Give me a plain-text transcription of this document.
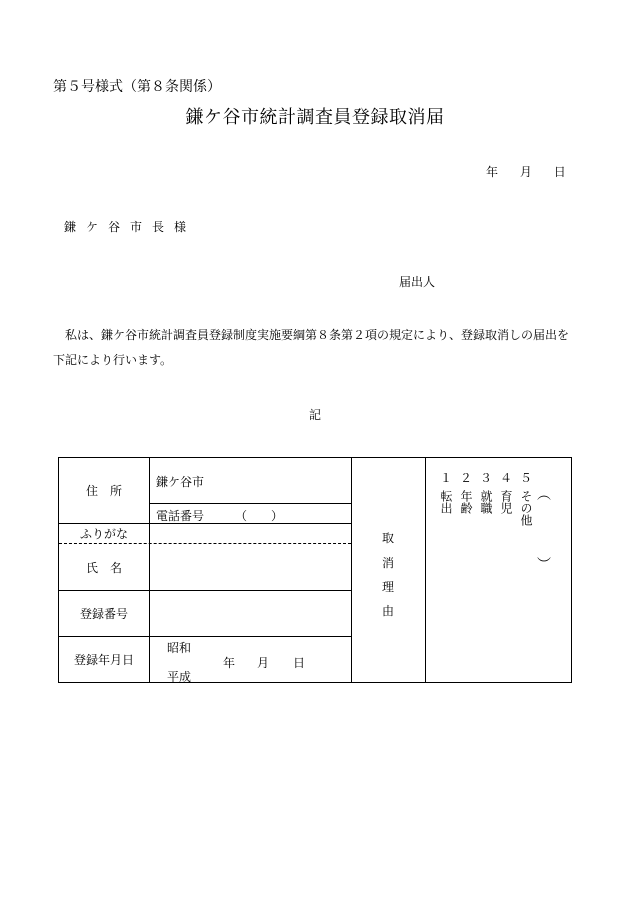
第５号様式（第８条関係）
鎌ケ谷市統計調査員登録取消届
年 月 日
鎌ケ谷市長様
届出人
私は、鎌ケ谷市統計調査員登録制度実施要綱第８条第２項の規定により、登録取消しの届出を下記により行います。
記
住　所
鎌ケ谷市
電話番号	（　　）
ふりがな
氏　名
登録番号
登録年月日
昭和
平成
年 月 日
取
消
理
由
１
転出
２
年齢
３
就職
４
育児
５
その他 ︵
︶
